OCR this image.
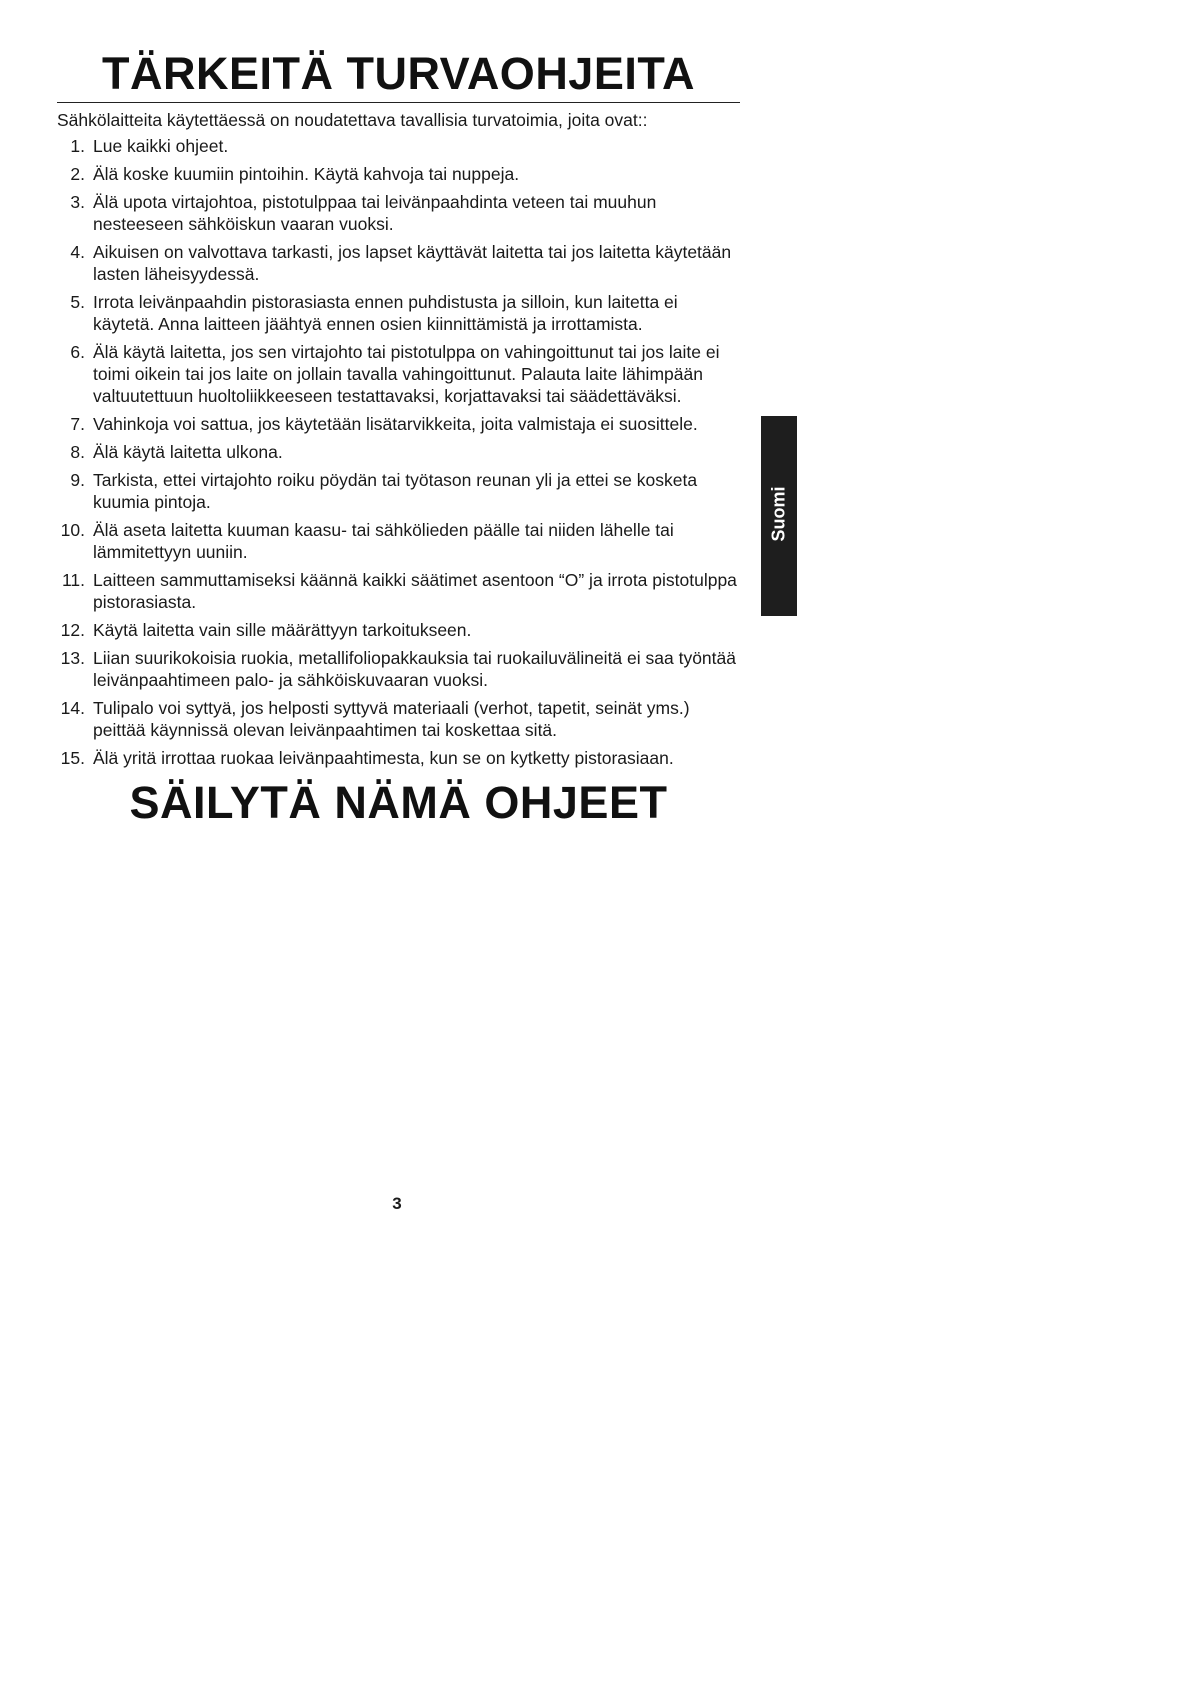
TÄRKEITÄ TURVAOHJEITA

Sähkölaitteita käytettäessä on noudatettava tavallisia turvatoimia, joita ovat::

1. Lue kaikki ohjeet.
2. Älä koske kuumiin pintoihin. Käytä kahvoja tai nuppeja.
3. Älä upota virtajohtoa, pistotulppaa tai leivänpaahdinta veteen tai muuhun nesteeseen sähköiskun vaaran vuoksi.
4. Aikuisen on valvottava tarkasti, jos lapset käyttävät laitetta tai jos laitetta käytetään lasten läheisyydessä.
5. Irrota leivänpaahdin pistorasiasta ennen puhdistusta ja silloin, kun laitetta ei käytetä. Anna laitteen jäähtyä ennen osien kiinnittämistä ja irrottamista.
6. Älä käytä laitetta, jos sen virtajohto tai pistotulppa on vahingoittunut tai jos laite ei toimi oikein tai jos laite on jollain tavalla vahingoittunut. Palauta laite lähimpään valtuutettuun huoltoliikkeeseen testattavaksi, korjattavaksi tai säädettäväksi.
7. Vahinkoja voi sattua, jos käytetään lisätarvikkeita, joita valmistaja ei suosittele.
8. Älä käytä laitetta ulkona.
9. Tarkista, ettei virtajohto roiku pöydän tai työtason reunan yli ja ettei se kosketa kuumia pintoja.
10. Älä aseta laitetta kuuman kaasu- tai sähkölieden päälle tai niiden lähelle tai lämmitettyyn uuniin.
11. Laitteen sammuttamiseksi käännä kaikki säätimet asentoon “O” ja irrota pistotulppa pistorasiasta.
12. Käytä laitetta vain sille määrättyyn tarkoitukseen.
13. Liian suurikokoisia ruokia, metallifoliopakkauksia tai ruokailuvälineitä ei saa työntää leivänpaahtimeen palo- ja sähköiskuvaaran vuoksi.
14. Tulipalo voi syttyä, jos helposti syttyvä materiaali (verhot, tapetit, seinät yms.) peittää käynnissä olevan leivänpaahtimen tai koskettaa sitä.
15. Älä yritä irrottaa ruokaa leivänpaahtimesta, kun se on kytketty pistorasiaan.
SÄILYTÄ NÄMÄ OHJEET
3
Suomi
